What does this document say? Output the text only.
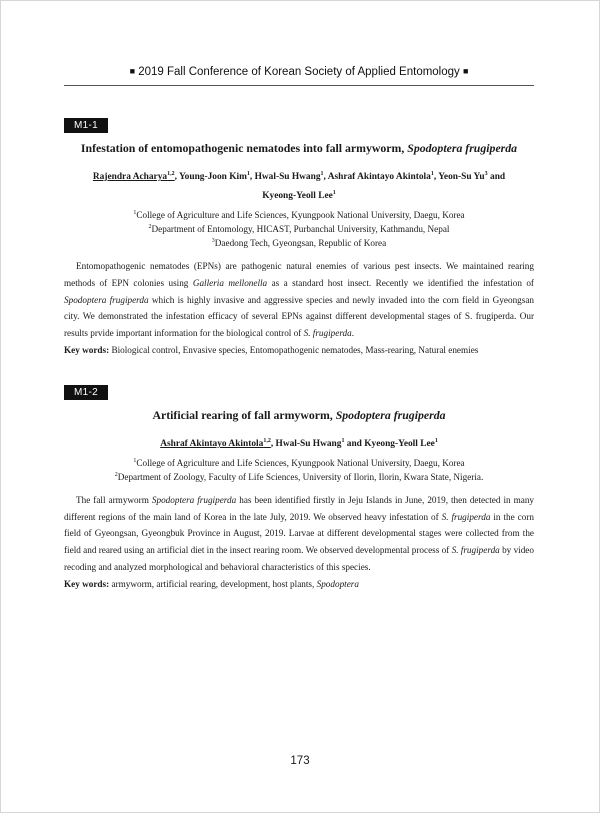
■ 2019 Fall Conference of Korean Society of Applied Entomology ■
M1-1
Infestation of entomopathogenic nematodes into fall armyworm, Spodoptera frugiperda
Rajendra Acharya$^{1,2}$, Young-Joon Kim$^1$, Hwal-Su Hwang$^1$, Ashraf Akintayo Akintola$^1$, Yeon-Su Yu$^3$ and
Kyeong-Yeoll Lee$^1$
$^1$College of Agriculture and Life Sciences, Kyungpook National University, Daegu, Korea
$^2$Department of Entomology, HICAST, Purbanchal University, Kathmandu, Nepal
$^3$Daedong Tech, Gyeongsan, Republic of Korea
Entomopathogenic nematodes (EPNs) are pathogenic natural enemies of various pest insects. We maintained rearing methods of EPN colonies using Galleria mellonella as a standard host insect. Recently we identified the infestation of Spodoptera frugiperda which is highly invasive and aggressive species and newly invaded into the corn field in Gyeongsan city. We demonstrated the infestation efficacy of several EPNs against different developmental stages of S. frugiperda. Our results prvide important information for the biological control of S. frugiperda.
Key words: Biological control, Envasive species, Entomopathogenic nematodes, Mass-rearing, Natural enemies
M1-2
Artificial rearing of fall armyworm, Spodoptera frugiperda
Ashraf Akintayo Akintola$^{1,2}$, Hwal-Su Hwang$^1$ and Kyeong-Yeoll Lee$^1$
$^1$College of Agriculture and Life Sciences, Kyungpook National University, Daegu, Korea
$^2$Department of Zoology, Faculty of Life Sciences, University of Ilorin, Ilorin, Kwara State, Nigeria.
The fall armyworm Spodoptera frugiperda has been identified firstly in Jeju Islands in June, 2019, then detected in many different regions of the main land of Korea in the late July, 2019. We observed heavy infestation of S. frugiperda in the corn field of Gyeongsan, Gyeongbuk Province in August, 2019. Larvae at different developmental stages were collected from the field and reared using an artificial diet in the insect rearing room. We observed developmental process of S. frugiperda by video recoding and analyzed morphological and behavioral characteristics of this species.
Key words: armyworm, artificial rearing, development, host plants, Spodoptera
173
